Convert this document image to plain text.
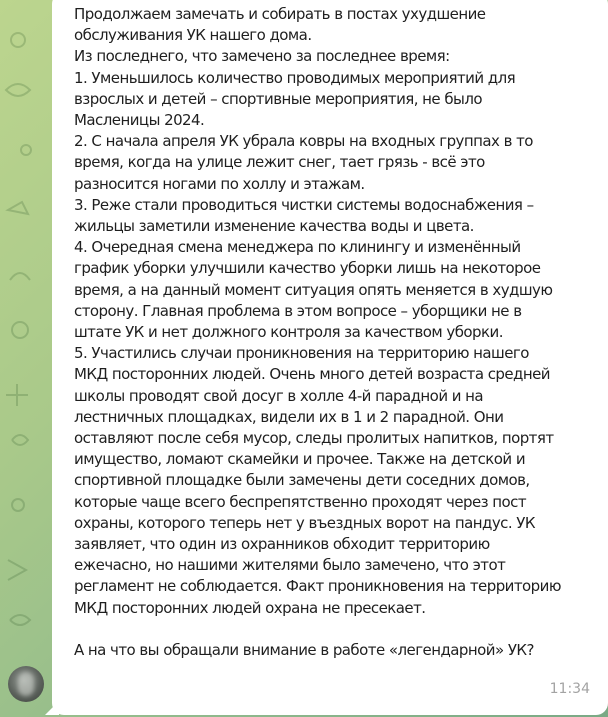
Продолжаем замечать и собирать в постах ухудшение
обслуживания УК нашего дома.
Из последнего, что замечено за последнее время:
1. Уменьшилось количество проводимых мероприятий для
взрослых и детей – спортивные мероприятия, не было
Масленицы 2024.
2. С начала апреля УК убрала ковры на входных группах в то
время, когда на улице лежит снег, тает грязь - всё это
разносится ногами по холлу и этажам.
3. Реже стали проводиться чистки системы водоснабжения –
жильцы заметили изменение качества воды и цвета.
4. Очередная смена менеджера по клинингу и изменённый
график уборки улучшили качество уборки лишь на некоторое
время, а на данный момент ситуация опять меняется в худшую
сторону. Главная проблема в этом вопросе – уборщики не в
штате УК и нет должного контроля за качеством уборки.
5. Участились случаи проникновения на территорию нашего
МКД посторонних людей. Очень много детей возраста средней
школы проводят свой досуг в холле 4-й парадной и на
лестничных площадках, видели их в 1 и 2 парадной. Они
оставляют после себя мусор, следы пролитых напитков, портят
имущество, ломают скамейки и прочее. Также на детской и
спортивной площадке были замечены дети соседних домов,
которые чаще всего беспрепятственно проходят через пост
охраны, которого теперь нет у въездных ворот на пандус. УК
заявляет, что один из охранников обходит территорию
ежечасно, но нашими жителями было замечено, что этот
регламент не соблюдается. Факт проникновения на территорию
МКД посторонних людей охрана не пресекает.

А на что вы обращали внимание в работе «легендарной» УК?

11:34
